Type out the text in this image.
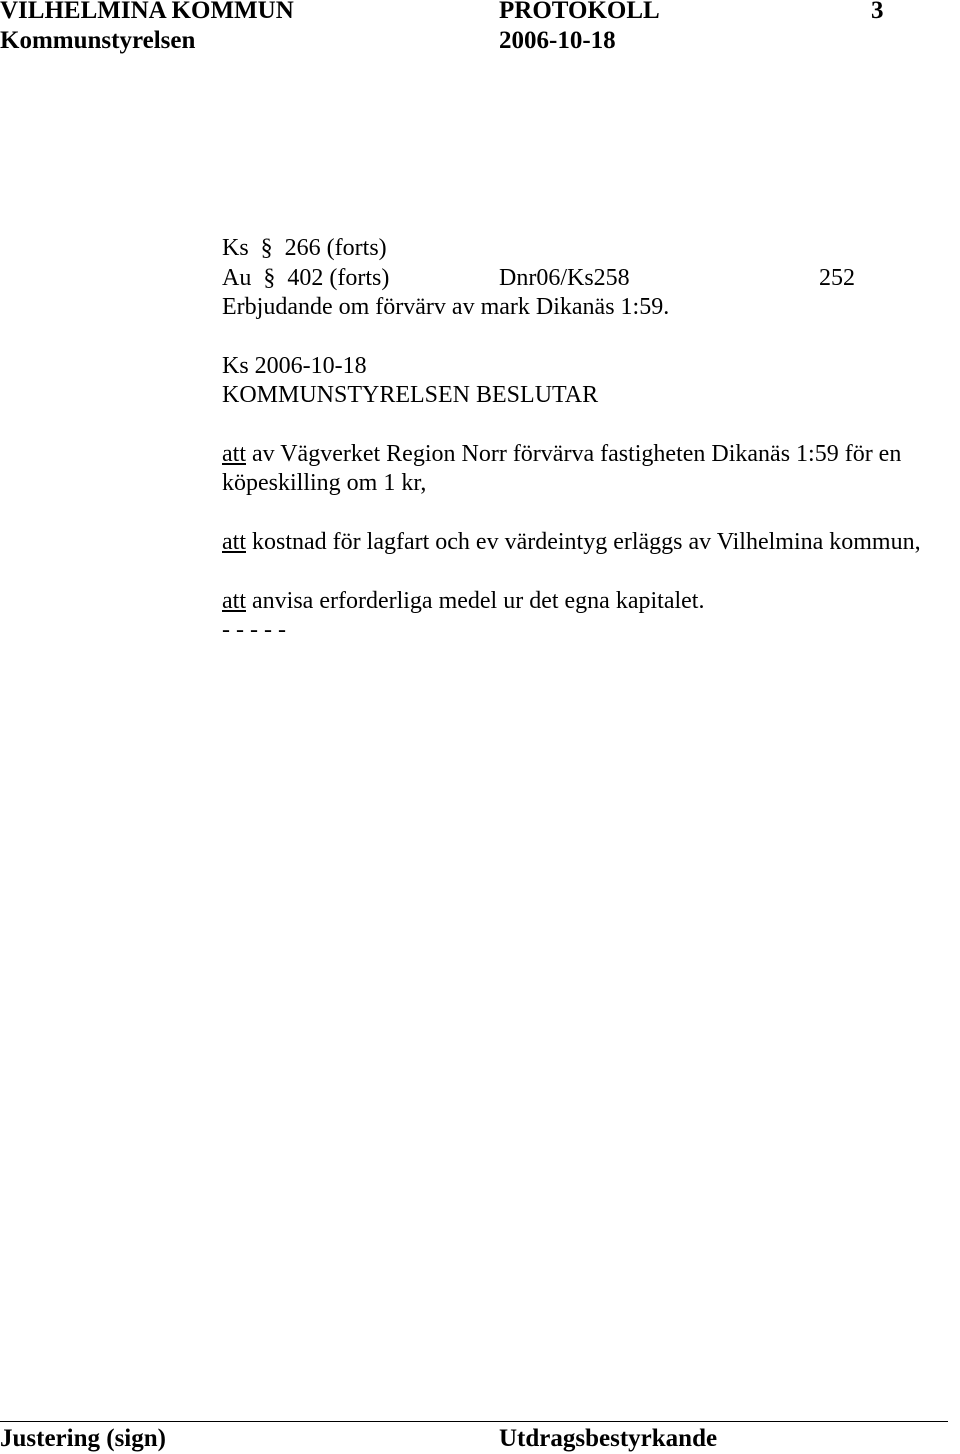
VILHELMINA KOMMUN	PROTOKOLL	3
Kommunstyrelsen	2006-10-18
Ks  §  266 (forts)
Au  §  402 (forts)	Dnr06/Ks258	252
Erbjudande om förvärv av mark Dikanäs 1:59.
Ks 2006-10-18
KOMMUNSTYRELSEN BESLUTAR
att av Vägverket Region Norr förvärva fastigheten Dikanäs 1:59 för en
köpeskilling om 1 kr,
att kostnad för lagfart och ev värdeintyg erläggs av Vilhelmina kommun,
att anvisa erforderliga medel ur det egna kapitalet.
- - - - -
Justering (sign)	Utdragsbestyrkande
